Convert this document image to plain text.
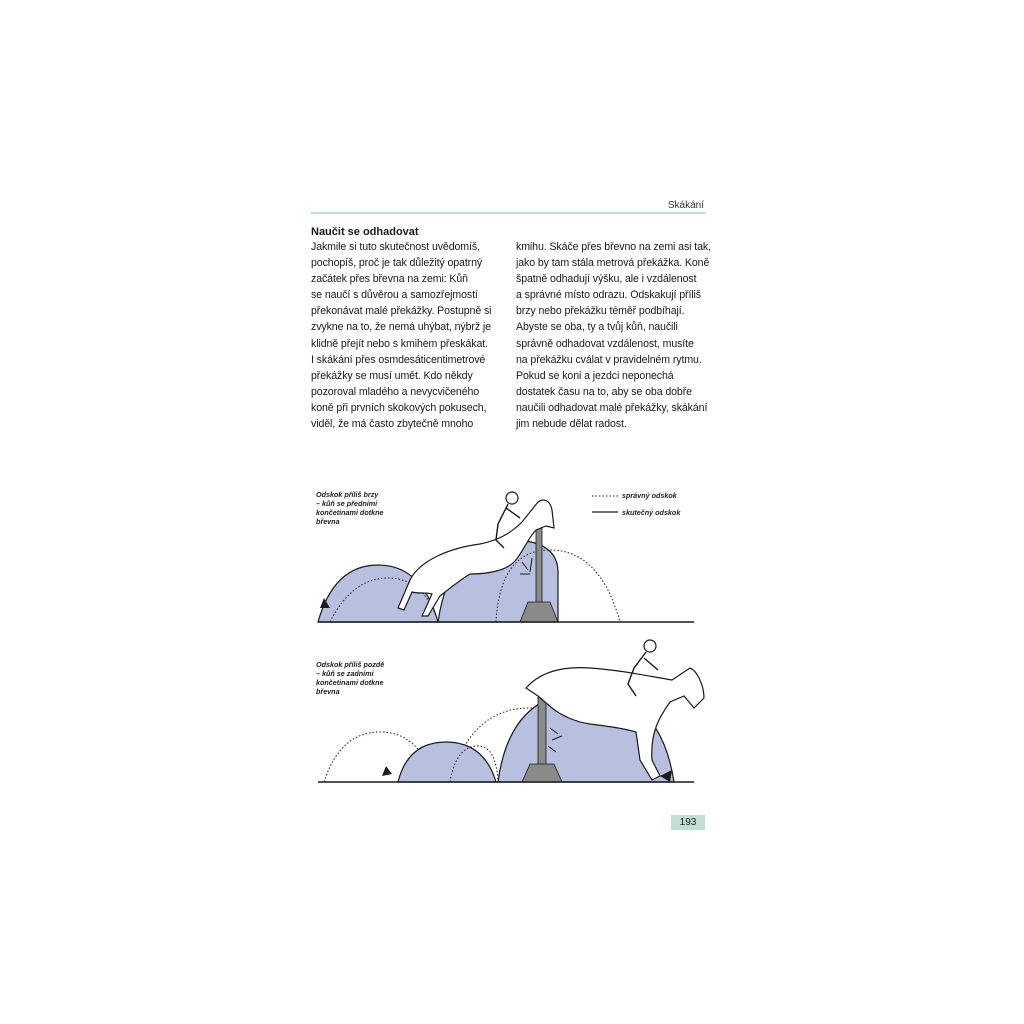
Skákání
Naučit se odhadovat
Jakmile si tuto skutečnost uvědomíš,
pochopíš, proč je tak důležitý opatrný
začátek přes břevna na zemi: Kůň
se naučí s důvěrou a samozřejmostí
překonávat malé překážky. Postupně si
zvykne na to, že nemá uhýbat, nýbrž je
klidně přejít nebo s kmihem přeskákat.
I skákání přes osmdesáticentimetrové
překážky se musí umět. Kdo někdy
pozoroval mladého a nevycvičeného
koně při prvních skokových pokusech,
viděl, že má často zbytečně mnoho
kmihu. Skáče přes břevno na zemi asi tak,
jako by tam stála metrová překážka. Koně
špatně odhadují výšku, ale i vzdálenost
a správné místo odrazu. Odskakují příliš
brzy nebo překážku téměř podbíhají.
Abyste se oba, ty a tvůj kůň, naučili
správně odhadovat vzdálenost, musíte
na překážku cválat v pravidelném rytmu.
Pokud se koni a jezdci neponechá
dostatek času na to, aby se oba dobře
naučili odhadovat malé překážky, skákání
jim nebude dělat radost.
Odskok příliš brzy
– kůň se předními
končetinami dotkne
břevna
správný odskok
skutečný odskok
Odskok příliš pozdě
– kůň se zadními
končetinami dotkne
břevna
193
